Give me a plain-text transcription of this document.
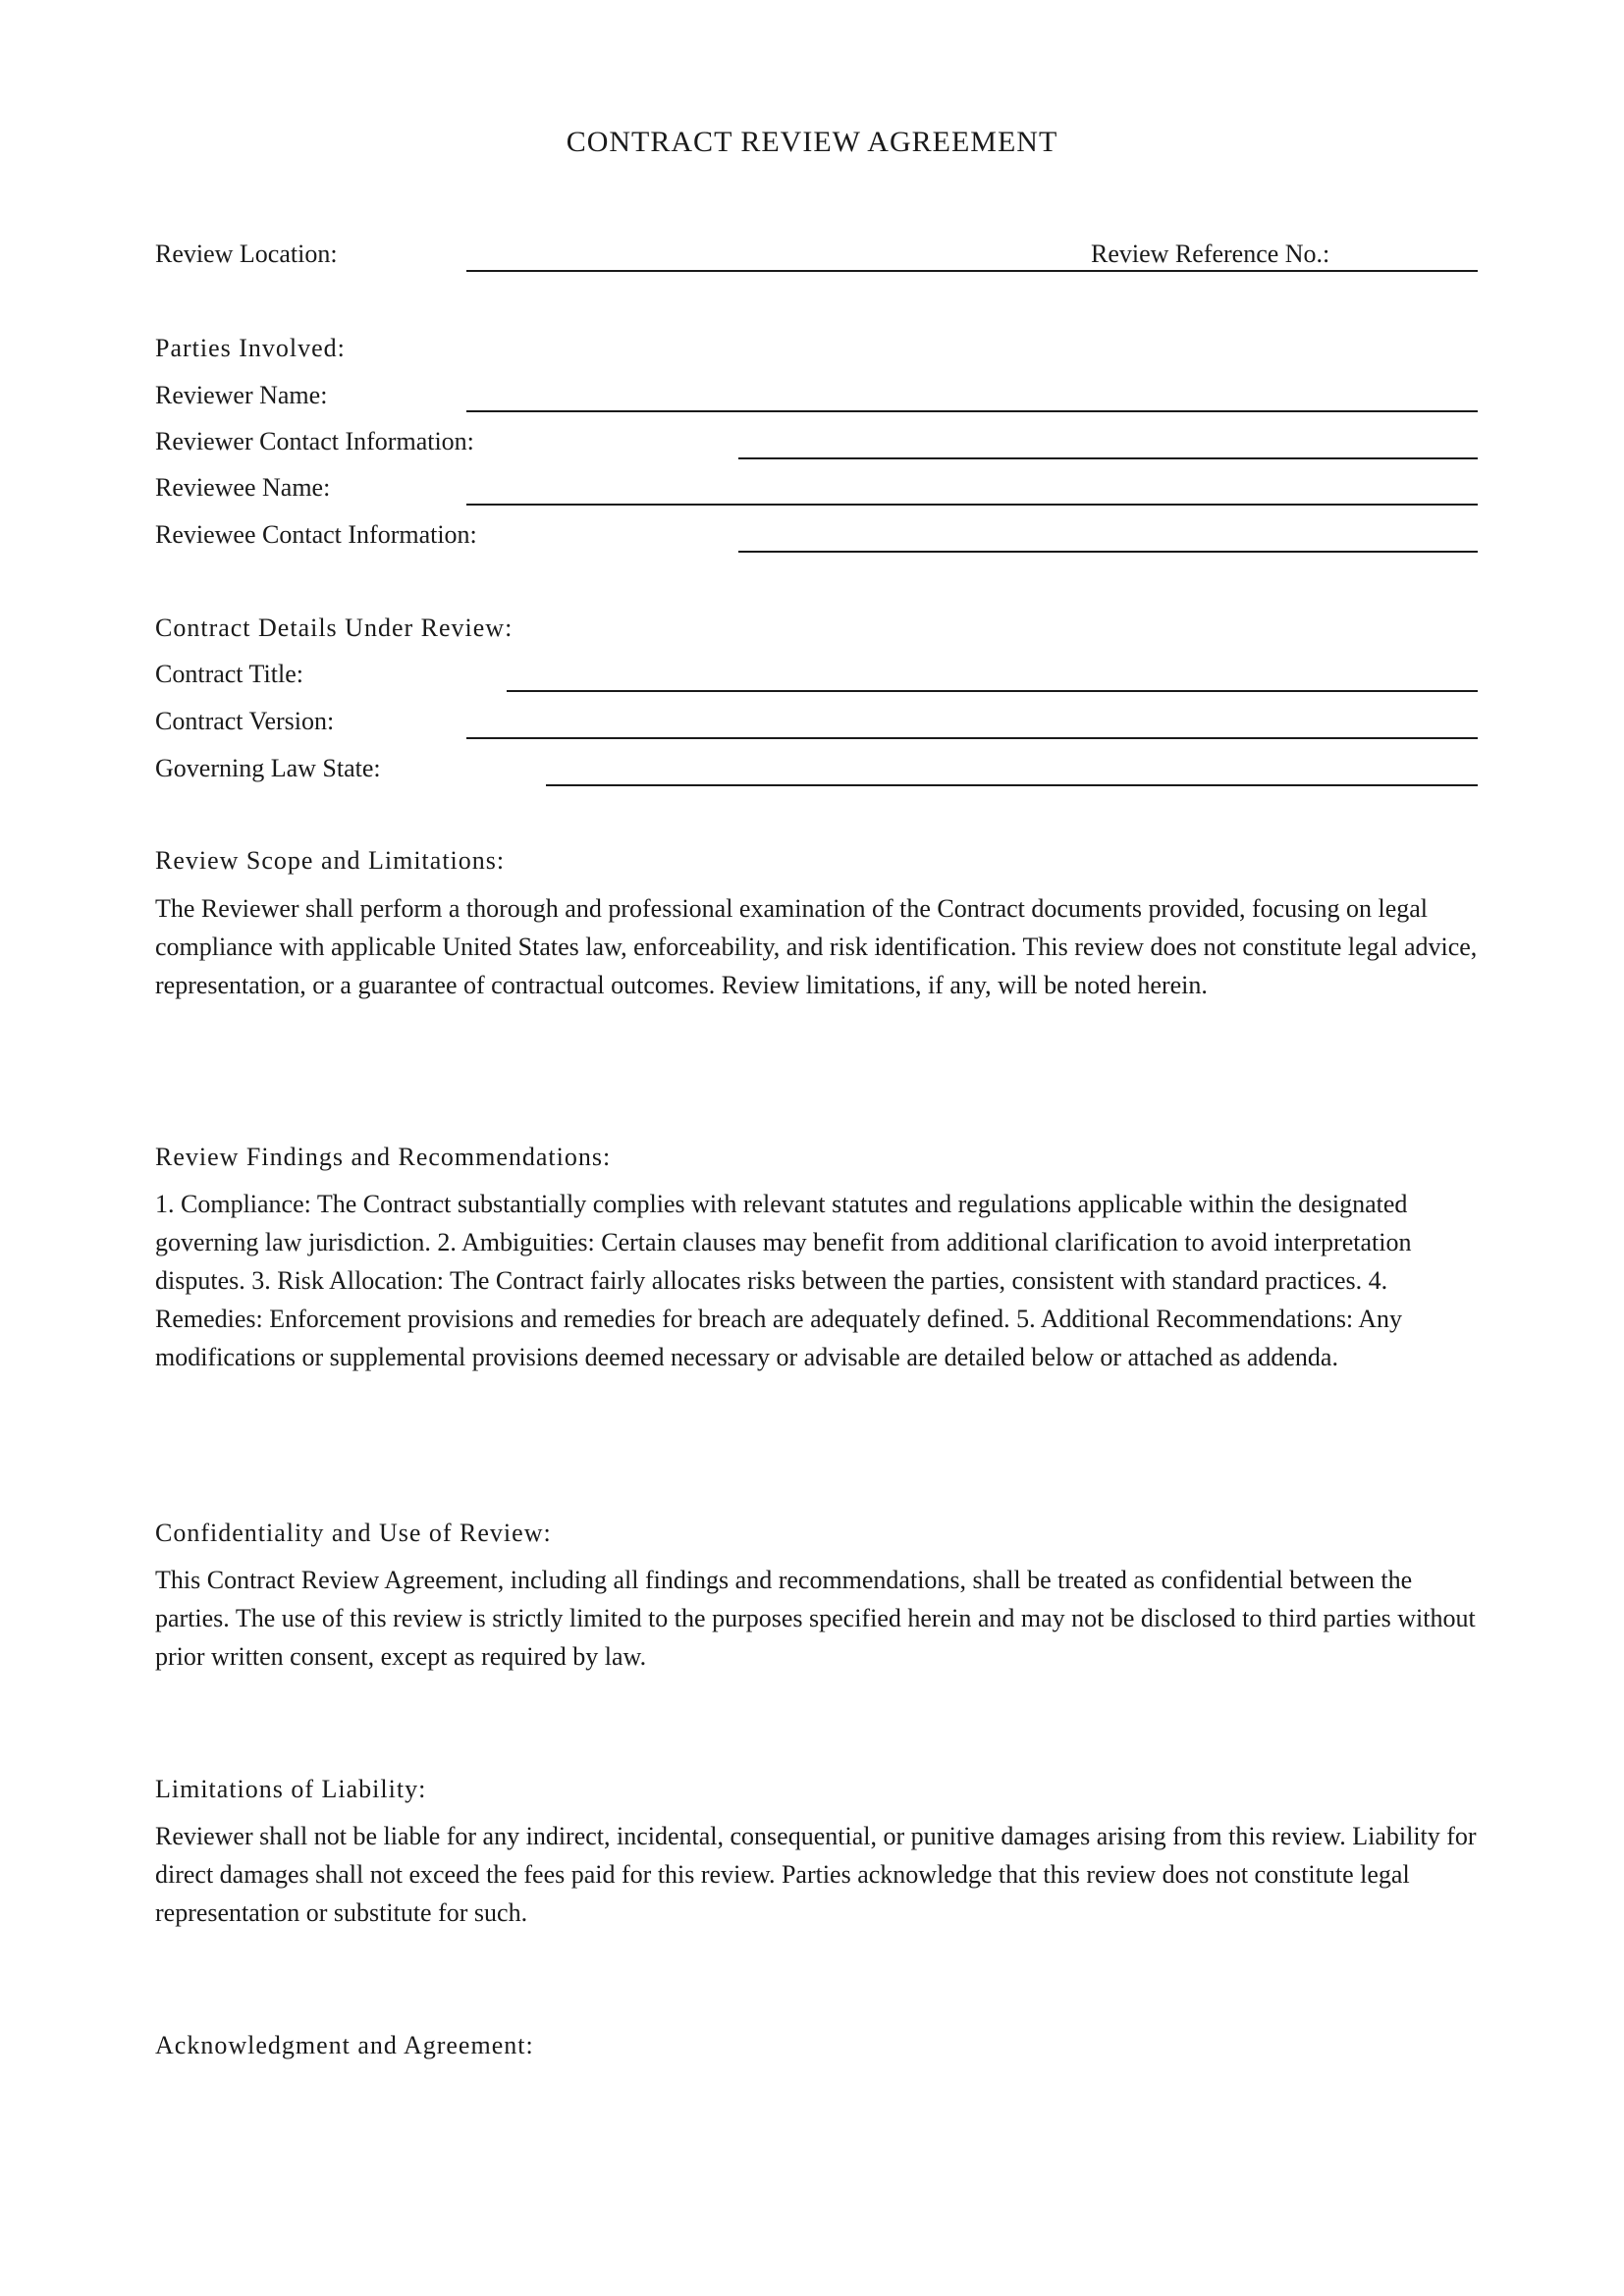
CONTRACT REVIEW AGREEMENT
Review Location:	Review Reference No.:
Parties Involved:
Reviewer Name:
Reviewer Contact Information:
Reviewee Name:
Reviewee Contact Information:
Contract Details Under Review:
Contract Title:
Contract Version:
Governing Law State:
Review Scope and Limitations:
The Reviewer shall perform a thorough and professional examination of the Contract documents provided, focusing on legal compliance with applicable United States law, enforceability, and risk identification. This review does not constitute legal advice, representation, or a guarantee of contractual outcomes. Review limitations, if any, will be noted herein.
Review Findings and Recommendations:
1. Compliance: The Contract substantially complies with relevant statutes and regulations applicable within the designated governing law jurisdiction. 2. Ambiguities: Certain clauses may benefit from additional clarification to avoid interpretation disputes. 3. Risk Allocation: The Contract fairly allocates risks between the parties, consistent with standard practices. 4. Remedies: Enforcement provisions and remedies for breach are adequately defined. 5. Additional Recommendations: Any modifications or supplemental provisions deemed necessary or advisable are detailed below or attached as addenda.
Confidentiality and Use of Review:
This Contract Review Agreement, including all findings and recommendations, shall be treated as confidential between the parties. The use of this review is strictly limited to the purposes specified herein and may not be disclosed to third parties without prior written consent, except as required by law.
Limitations of Liability:
Reviewer shall not be liable for any indirect, incidental, consequential, or punitive damages arising from this review. Liability for direct damages shall not exceed the fees paid for this review. Parties acknowledge that this review does not constitute legal representation or substitute for such.
Acknowledgment and Agreement:
